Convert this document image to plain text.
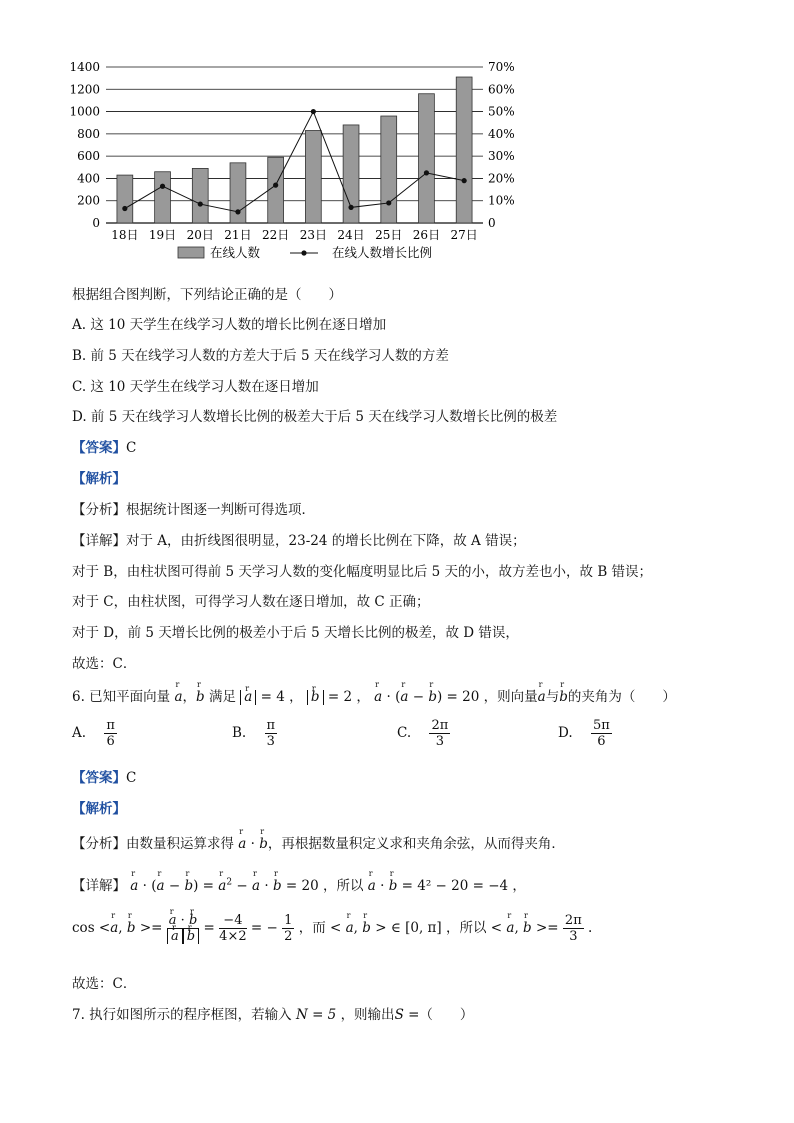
0	0
200	10%
400	20%
600	30%
800	40%
1000	50%
1200	60%
1400	70%
18日 19日 20日 21日 22日 23日 24日 25日 26日 27日
在线人数	在线人数增长比例
根据组合图判断，下列结论正确的是（　　）
A. 这 10 天学生在线学习人数的增长比例在逐日增加
B. 前 5 天在线学习人数的方差大于后 5 天在线学习人数的方差
C. 这 10 天学生在线学习人数在逐日增加
D. 前 5 天在线学习人数增长比例的极差大于后 5 天在线学习人数增长比例的极差
【答案】C
【解析】
【分析】根据统计图逐一判断可得选项．
【详解】对于 A，由折线图很明显，23-24 的增长比例在下降，故 A 错误；
对于 B，由柱状图可得前 5 天学习人数的变化幅度明显比后 5 天的小，故方差也小，故 B 错误；
对于 C，由柱状图，可得学习人数在逐日增加，故 C 正确；
对于 D，前 5 天增长比例的极差小于后 5 天增长比例的极差，故 D 错误，
故选：C．
6. 已知平面向量 r a，r b 满足 r a = 4 ， r b = 2 ， r a · (r a − r b) = 20 ，则向量r a与r b的夹角为（　　）
A. $\frac{\pi}{6}$	B. $\frac{\pi}{3}$	C. $\frac{2\pi}{3}$	D. $\frac{5\pi}{6}$
【答案】C
【解析】
【分析】由数量积运算求得 r a · r b，再根据数量积定义求和夹角余弦，从而得夹角．
【详解】 r a · (r a − r b) = r $a^2 - r$ a · r b = 20 ，所以 r a · r b = 4² − 20 = −4 ，
cos <r a, r b >= r a · r b
r a r $b = \frac{-4}{4\times 2}$ = − $\frac{1}{2}$ ，而 < r a, r b > ∈ [0, π] ，所以 < r a, r $b >= \frac{2\pi}{3}$ .
故选：C．
7. 执行如图所示的程序框图，若输入 N = 5 ，则输出S =（　　）
